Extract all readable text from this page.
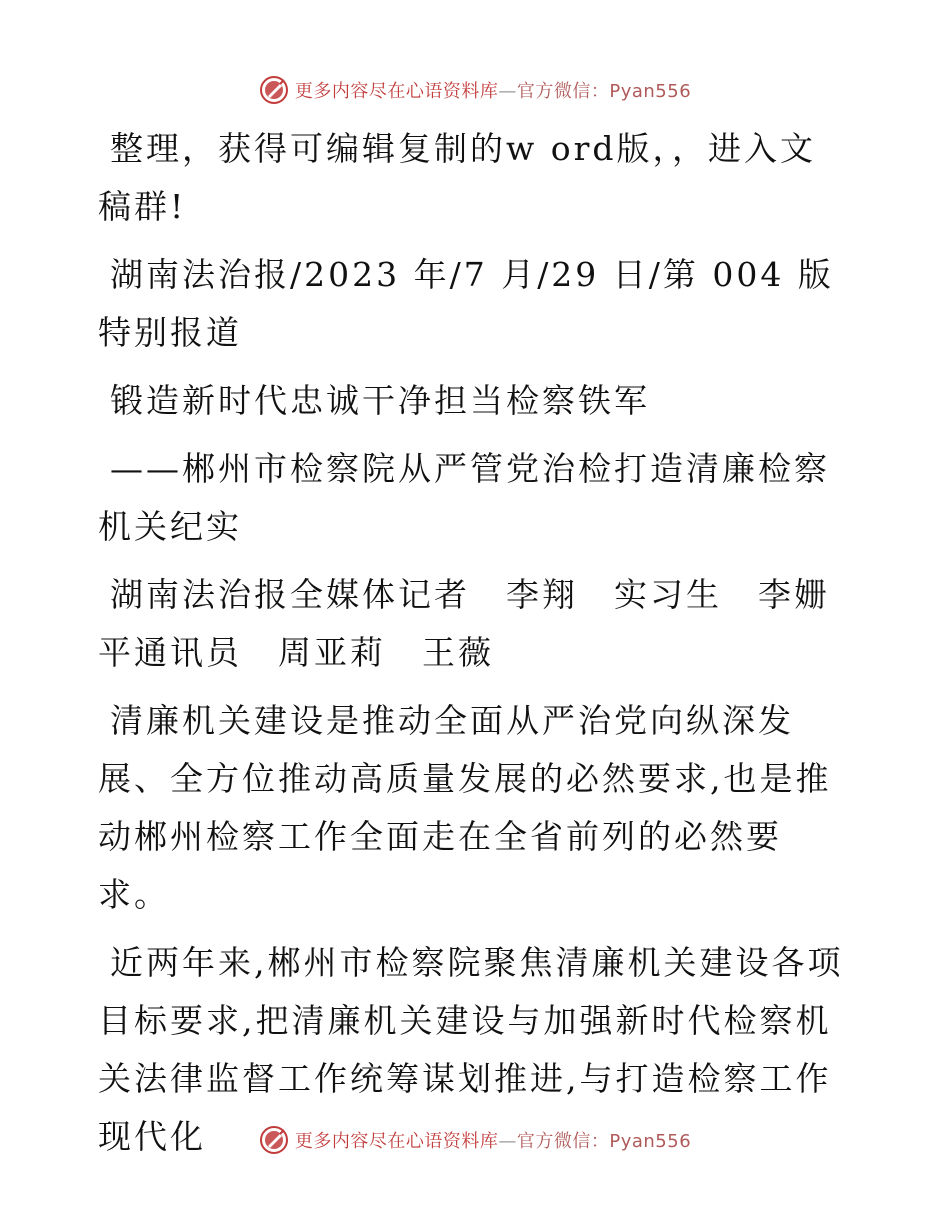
更多内容尽在心语资料库—官方微信：Pyan556

整理，获得可编辑复制的w ord版，，进入文稿群!

湖南法治报/2023 年/7 月/29 日/第 004 版特别报道

锻造新时代忠诚干净担当检察铁军

——郴州市检察院从严管党治检打造清廉检察机关纪实

湖南法治报全媒体记者　李翔　实习生　李姗平通讯员　周亚莉　王薇

清廉机关建设是推动全面从严治党向纵深发展、全方位推动高质量发展的必然要求,也是推动郴州检察工作全面走在全省前列的必然要求。

近两年来,郴州市检察院聚焦清廉机关建设各项目标要求,把清廉机关建设与加强新时代检察机关法律监督工作统筹谋划推进,与打造检察工作现代化	更多内容尽在心语资料库—官方微信：Pyan556
